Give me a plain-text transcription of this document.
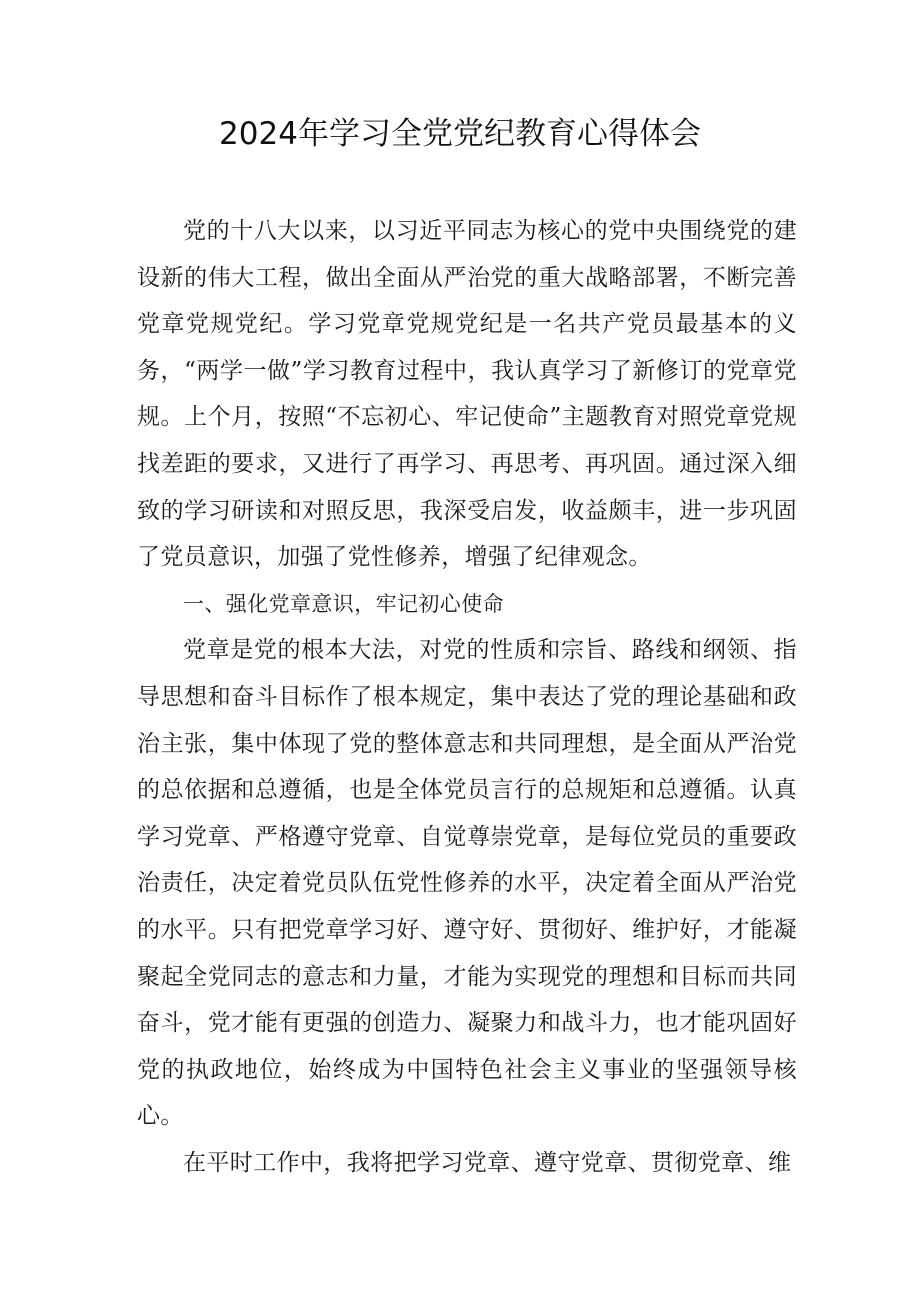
2024年学习全党党纪教育心得体会

党的十八大以来，以习近平同志为核心的党中央围绕党的建设新的伟大工程，做出全面从严治党的重大战略部署，不断完善党章党规党纪。学习党章党规党纪是一名共产党员最基本的义务，“两学一做”学习教育过程中，我认真学习了新修订的党章党规。上个月，按照“不忘初心、牢记使命”主题教育对照党章党规找差距的要求，又进行了再学习、再思考、再巩固。通过深入细致的学习研读和对照反思，我深受启发，收益颇丰，进一步巩固了党员意识，加强了党性修养，增强了纪律观念。

一、强化党章意识，牢记初心使命

党章是党的根本大法，对党的性质和宗旨、路线和纲领、指导思想和奋斗目标作了根本规定，集中表达了党的理论基础和政治主张，集中体现了党的整体意志和共同理想，是全面从严治党的总依据和总遵循，也是全体党员言行的总规矩和总遵循。认真学习党章、严格遵守党章、自觉尊崇党章，是每位党员的重要政治责任，决定着党员队伍党性修养的水平，决定着全面从严治党的水平。只有把党章学习好、遵守好、贯彻好、维护好，才能凝聚起全党同志的意志和力量，才能为实现党的理想和目标而共同奋斗，党才能有更强的创造力、凝聚力和战斗力，也才能巩固好党的执政地位，始终成为中国特色社会主义事业的坚强领导核心。

在平时工作中，我将把学习党章、遵守党章、贯彻党章、维
